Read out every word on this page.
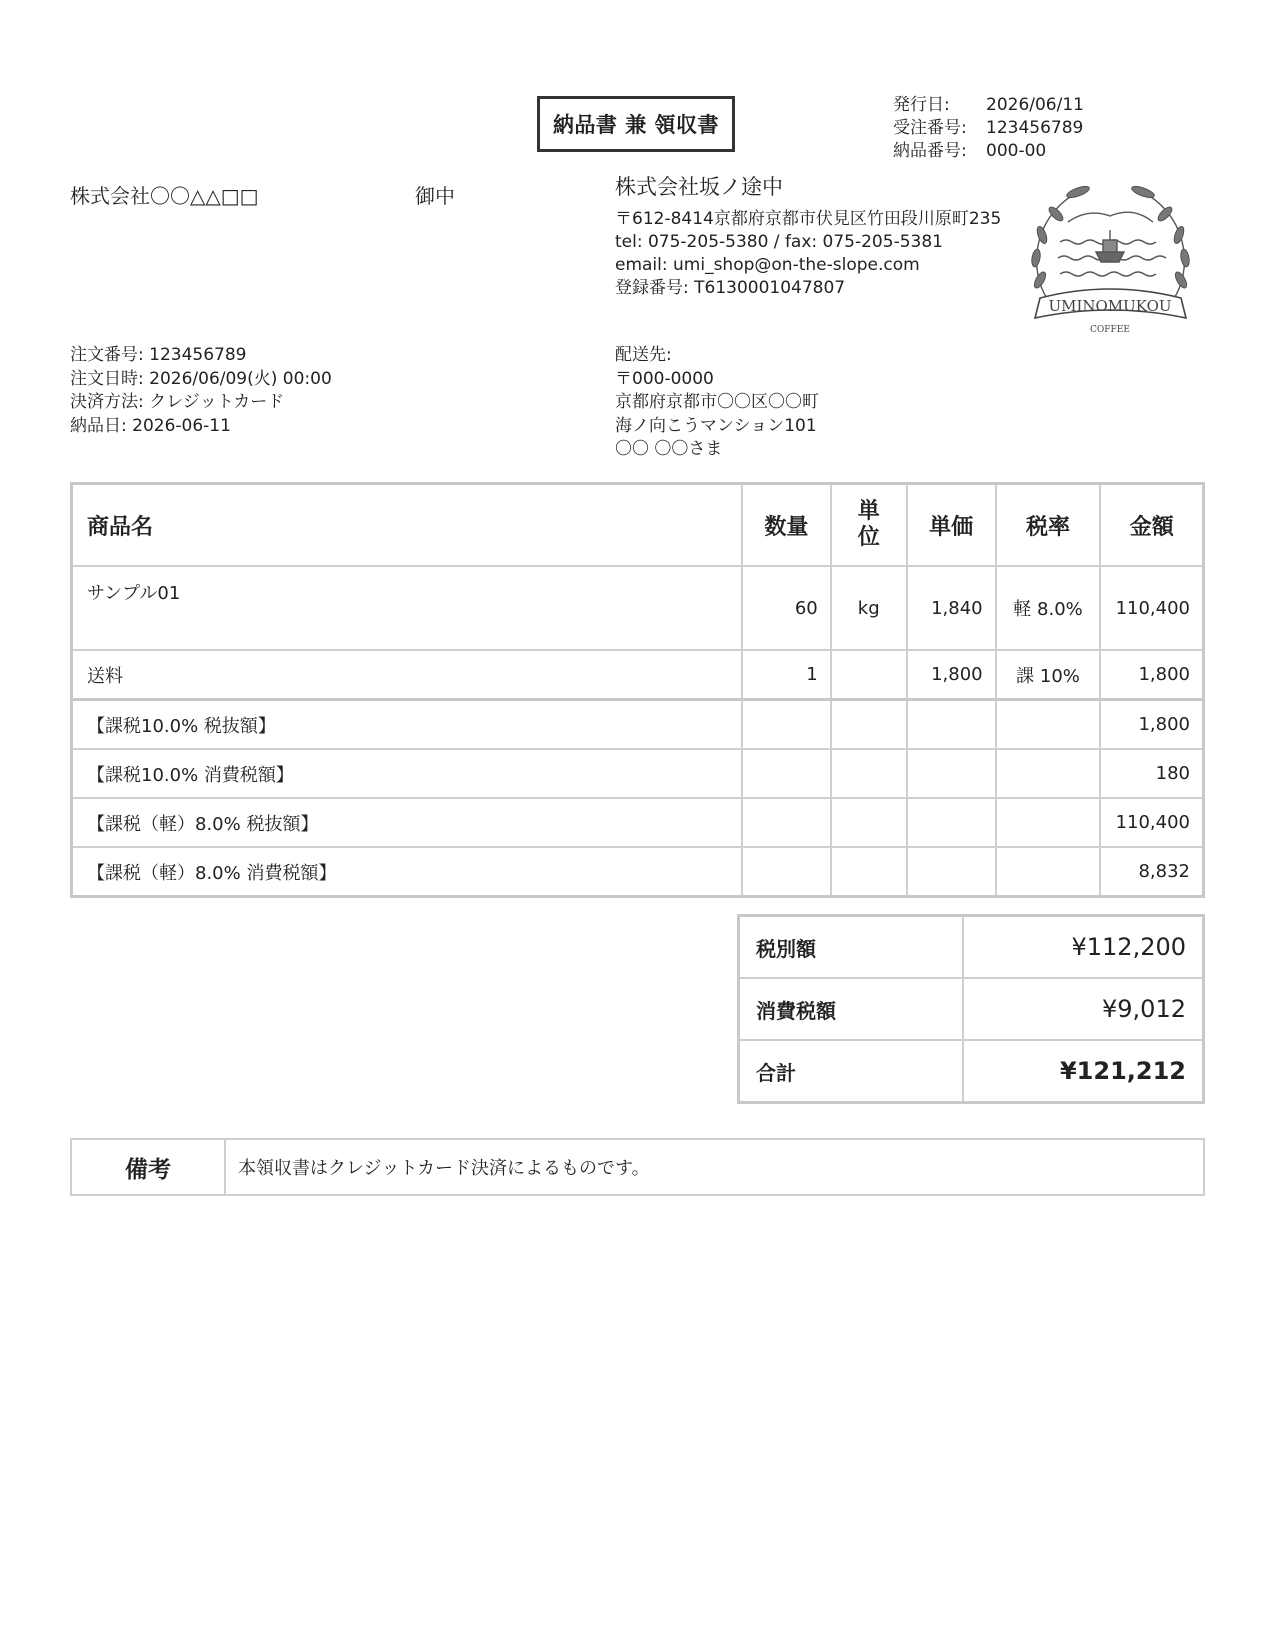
納品書 兼 領収書
発行日:	2026/06/11
受注番号:	123456789
納品番号:	000-00
株式会社〇〇△△□□	御中	株式会社坂ノ途中
〒612-8414京都府京都市伏見区竹田段川原町235
tel: 075-205-5380 / fax: 075-205-5381
email: umi_shop@on-the-slope.com
登録番号: T6130001047807
UMINOMUKOU
COFFEE
注文番号: 123456789
注文日時: 2026/06/09(火) 00:00
決済方法: クレジットカード
納品日: 2026-06-11
配送先:
〒000-0000
京都府京都市〇〇区〇〇町
海ノ向こうマンション101
〇〇 〇〇さま
商品名	数量	単位	単価	税率	金額
サンプル01	60	kg	1,840	軽 8.0%	110,400
送料	1		1,800	課 10%	1,800
【課税10.0% 税抜額】					1,800
【課税10.0% 消費税額】					180
【課税（軽）8.0% 税抜額】					110,400
【課税（軽）8.0% 消費税額】					8,832
税別額	¥112,200
消費税額	¥9,012
合計	¥121,212
備考	本領収書はクレジットカード決済によるものです。
